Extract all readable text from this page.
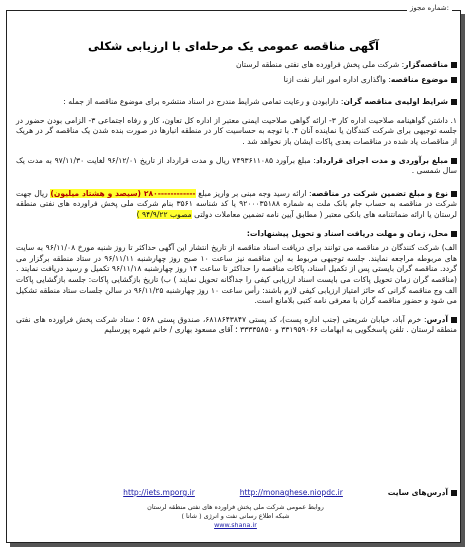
شماره مجوز:
آگهی مناقصه عمومی یک مرحله‌ای با ارزیابی شکلی

مناقصه‌گزار: شرکت ملی پخش فراورده های نفتی منطقه لرستان

موضوع مناقصه: واگذاری اداره امور انبار نفت ازنا

شرایط اولیه‌ی مناقصه گران: دارابودن و رعایت تمامی شرایط مندرج در اسناد منتشره برای موضوع مناقصه از جمله :

۱. داشتن گواهینامه صلاحیت اداره کار ۳- ارائه گواهی صلاحیت ایمنی معتبر از اداره کل تعاون، کار و رفاه اجتماعی ۳- الزامی بودن حضور در جلسه توجیهی برای شرکت کنندگان یا نماینده آنان ۴. با توجه به حساسیت کار در منطقه انبارها در صورت بنده شدن یک مناقصه گر در هریک از مناقصات یاد شده در مناقصات بعدی پاکات ایشان باز نخواهد شد .

مبلغ برآوردی و مدت اجرای قرارداد: مبلغ برآورد ۷۴۹۳۶۱۱۰۸۵ ریال و مدت قرارداد از تاریخ ۹۶/۱۲/۰۱ لغایت ۹۷/۱۱/۳۰ به مدت یک سال شمسی .

نوع و مبلغ تضمین شرکت در مناقصه: ارائه رسید وجه مبنی بر واریز مبلغ ------------۲۸۰ (سیصد و هشتاد میلیون) ریال جهت شرکت در مناقصه به حساب جام بانک ملت به شماره ۹۲۰۰۰۳۵۱۸۸ یا کد شناسه ۳۵۶۱ بنام شرکت ملی پخش فراورده های نفتی منطقه لرستان یا ارائه ضمانتنامه های بانکی معتبر ( مطابق آیین نامه تضمین معاملات دولتی مصوب ۹۴/۹/۲۲ )

محل، زمان و مهلت دریافت اسناد و تحویل پیشنهادات:

الف) شرکت کنندگان در مناقصه می توانند برای دریافت اسناد مناقصه از تاریخ انتشار این آگهی حداکثر تا روز شنبه مورخ ۹۶/۱۱/۰۸ به سایت های مربوطه مراجعه نمایند. جلسه توجیهی مربوط به این مناقصه نیز ساعت ۱۰ صبح روز چهارشنبه ۹۶/۱۱/۱۱ در ستاد منطقه برگزار می گردد. مناقصه گران بایستی پس از تکمیل اسناد، پاکات مناقصه را حداکثر تا ساعت ۱۴ روز چهارشنبه ۹۶/۱۱/۱۸ تکمیل و رسید دریافت نمایند . (مناقصه گران زمان تحویل پاکات می بایست اسناد ارزیابی کیفی را جداگانه تحویل نمایند ) ب) تاریخ بازگشایی پاکات: جلسه بازگشایی پاکات الف وج مناقصه گرانی که حائز امتیاز ارزیابی کیفی لازم باشند: رأس ساعت ۱۰ روز چهارشنبه ۹۶/۱۱/۲۵ در سالن جلسات ستاد منطقه تشکیل می شود و حضور مناقصه گران با معرفی نامه کتبی بلامانع است.

آدرس: خرم آباد، خیابان شریعتی (جنب اداره پست)، کد پستی ۶۸۱۸۶۴۳۸۴۷، صندوق پستی ۵۶۸ ؛ ستاد شرکت پخش فراورده های نفتی منطقه لرستان . تلفن پاسخگویی به ابهامات ۳۳۱۹۵۹۰۶۶ و ۳۳۳۳۵۸۵۰ ؛ آقای مسعود بهاری / خانم شهره پورسلیم

آدرس‌های سایت  http://iets.mporg.ir	http://monaghese.niopdc.ir
روابط عمومی شرکت ملی پخش فراورده های نفتی منطقه لرستان
شبکه اطلاع رسانی نفت و انرژی ( شانا )
www.shana.ir
